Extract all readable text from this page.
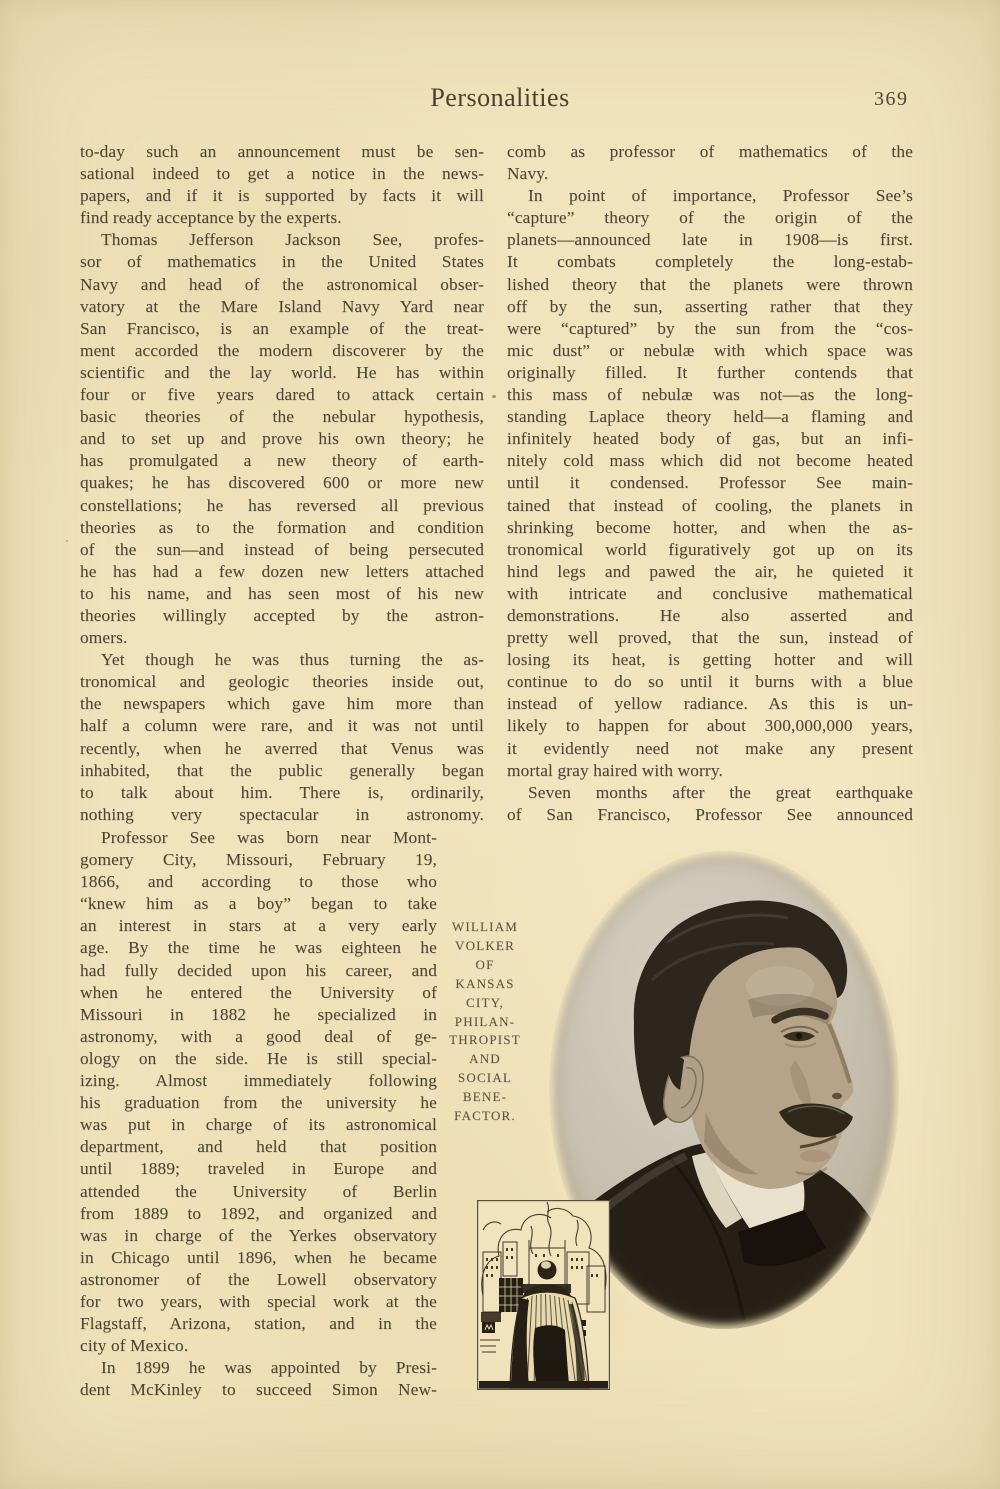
Personalities	369
to-day such an announcement must be sen-
sational indeed to get a notice in the news-
papers, and if it is supported by facts it will
find ready acceptance by the experts.
Thomas Jefferson Jackson See, profes-
sor of mathematics in the United States
Navy and head of the astronomical obser-
vatory at the Mare Island Navy Yard near
San Francisco, is an example of the treat-
ment accorded the modern discoverer by the
scientific and the lay world. He has within
four or five years dared to attack certain
basic theories of the nebular hypothesis,
and to set up and prove his own theory; he
has promulgated a new theory of earth-
quakes; he has discovered 600 or more new
constellations; he has reversed all previous
theories as to the formation and condition
of the sun—and instead of being persecuted
he has had a few dozen new letters attached
to his name, and has seen most of his new
theories willingly accepted by the astron-
omers.
Yet though he was thus turning the as-
tronomical and geologic theories inside out,
the newspapers which gave him more than
half a column were rare, and it was not until
recently, when he averred that Venus was
inhabited, that the public generally began
to talk about him. There is, ordinarily,
nothing very spectacular in astronomy.
comb as professor of mathematics of the
Navy.
In point of importance, Professor See’s
“capture” theory of the origin of the
planets—announced late in 1908—is first.
It combats completely the long-estab-
lished theory that the planets were thrown
off by the sun, asserting rather that they
were “captured” by the sun from the “cos-
mic dust” or nebulæ with which space was
originally filled. It further contends that
this mass of nebulæ was not—as the long-
standing Laplace theory held—a flaming and
infinitely heated body of gas, but an infi-
nitely cold mass which did not become heated
until it condensed. Professor See main-
tained that instead of cooling, the planets in
shrinking become hotter, and when the as-
tronomical world figuratively got up on its
hind legs and pawed the air, he quieted it
with intricate and conclusive mathematical
demonstrations. He also asserted and
pretty well proved, that the sun, instead of
losing its heat, is getting hotter and will
continue to do so until it burns with a blue
instead of yellow radiance. As this is un-
likely to happen for about 300,000,000 years,
it evidently need not make any present
mortal gray haired with worry.
Seven months after the great earthquake
of San Francisco, Professor See announced
Professor See was born near Mont-
gomery City, Missouri, February 19,
1866, and according to those who
“knew him as a boy” began to take
an interest in stars at a very early
age. By the time he was eighteen he
had fully decided upon his career, and
when he entered the University of
Missouri in 1882 he specialized in
astronomy, with a good deal of ge-
ology on the side. He is still special-
izing. Almost immediately following
his graduation from the university he
was put in charge of its astronomical
department, and held that position
until 1889; traveled in Europe and
attended the University of Berlin
from 1889 to 1892, and organized and
was in charge of the Yerkes observatory
in Chicago until 1896, when he became
astronomer of the Lowell observatory
for two years, with special work at the
Flagstaff, Arizona, station, and in the
city of Mexico.
In 1899 he was appointed by Presi-
dent McKinley to succeed Simon New-
WILLIAM
VOLKER
OF
KANSAS
CITY,
PHILAN-
THROPIST
AND
SOCIAL
BENE-
FACTOR.
